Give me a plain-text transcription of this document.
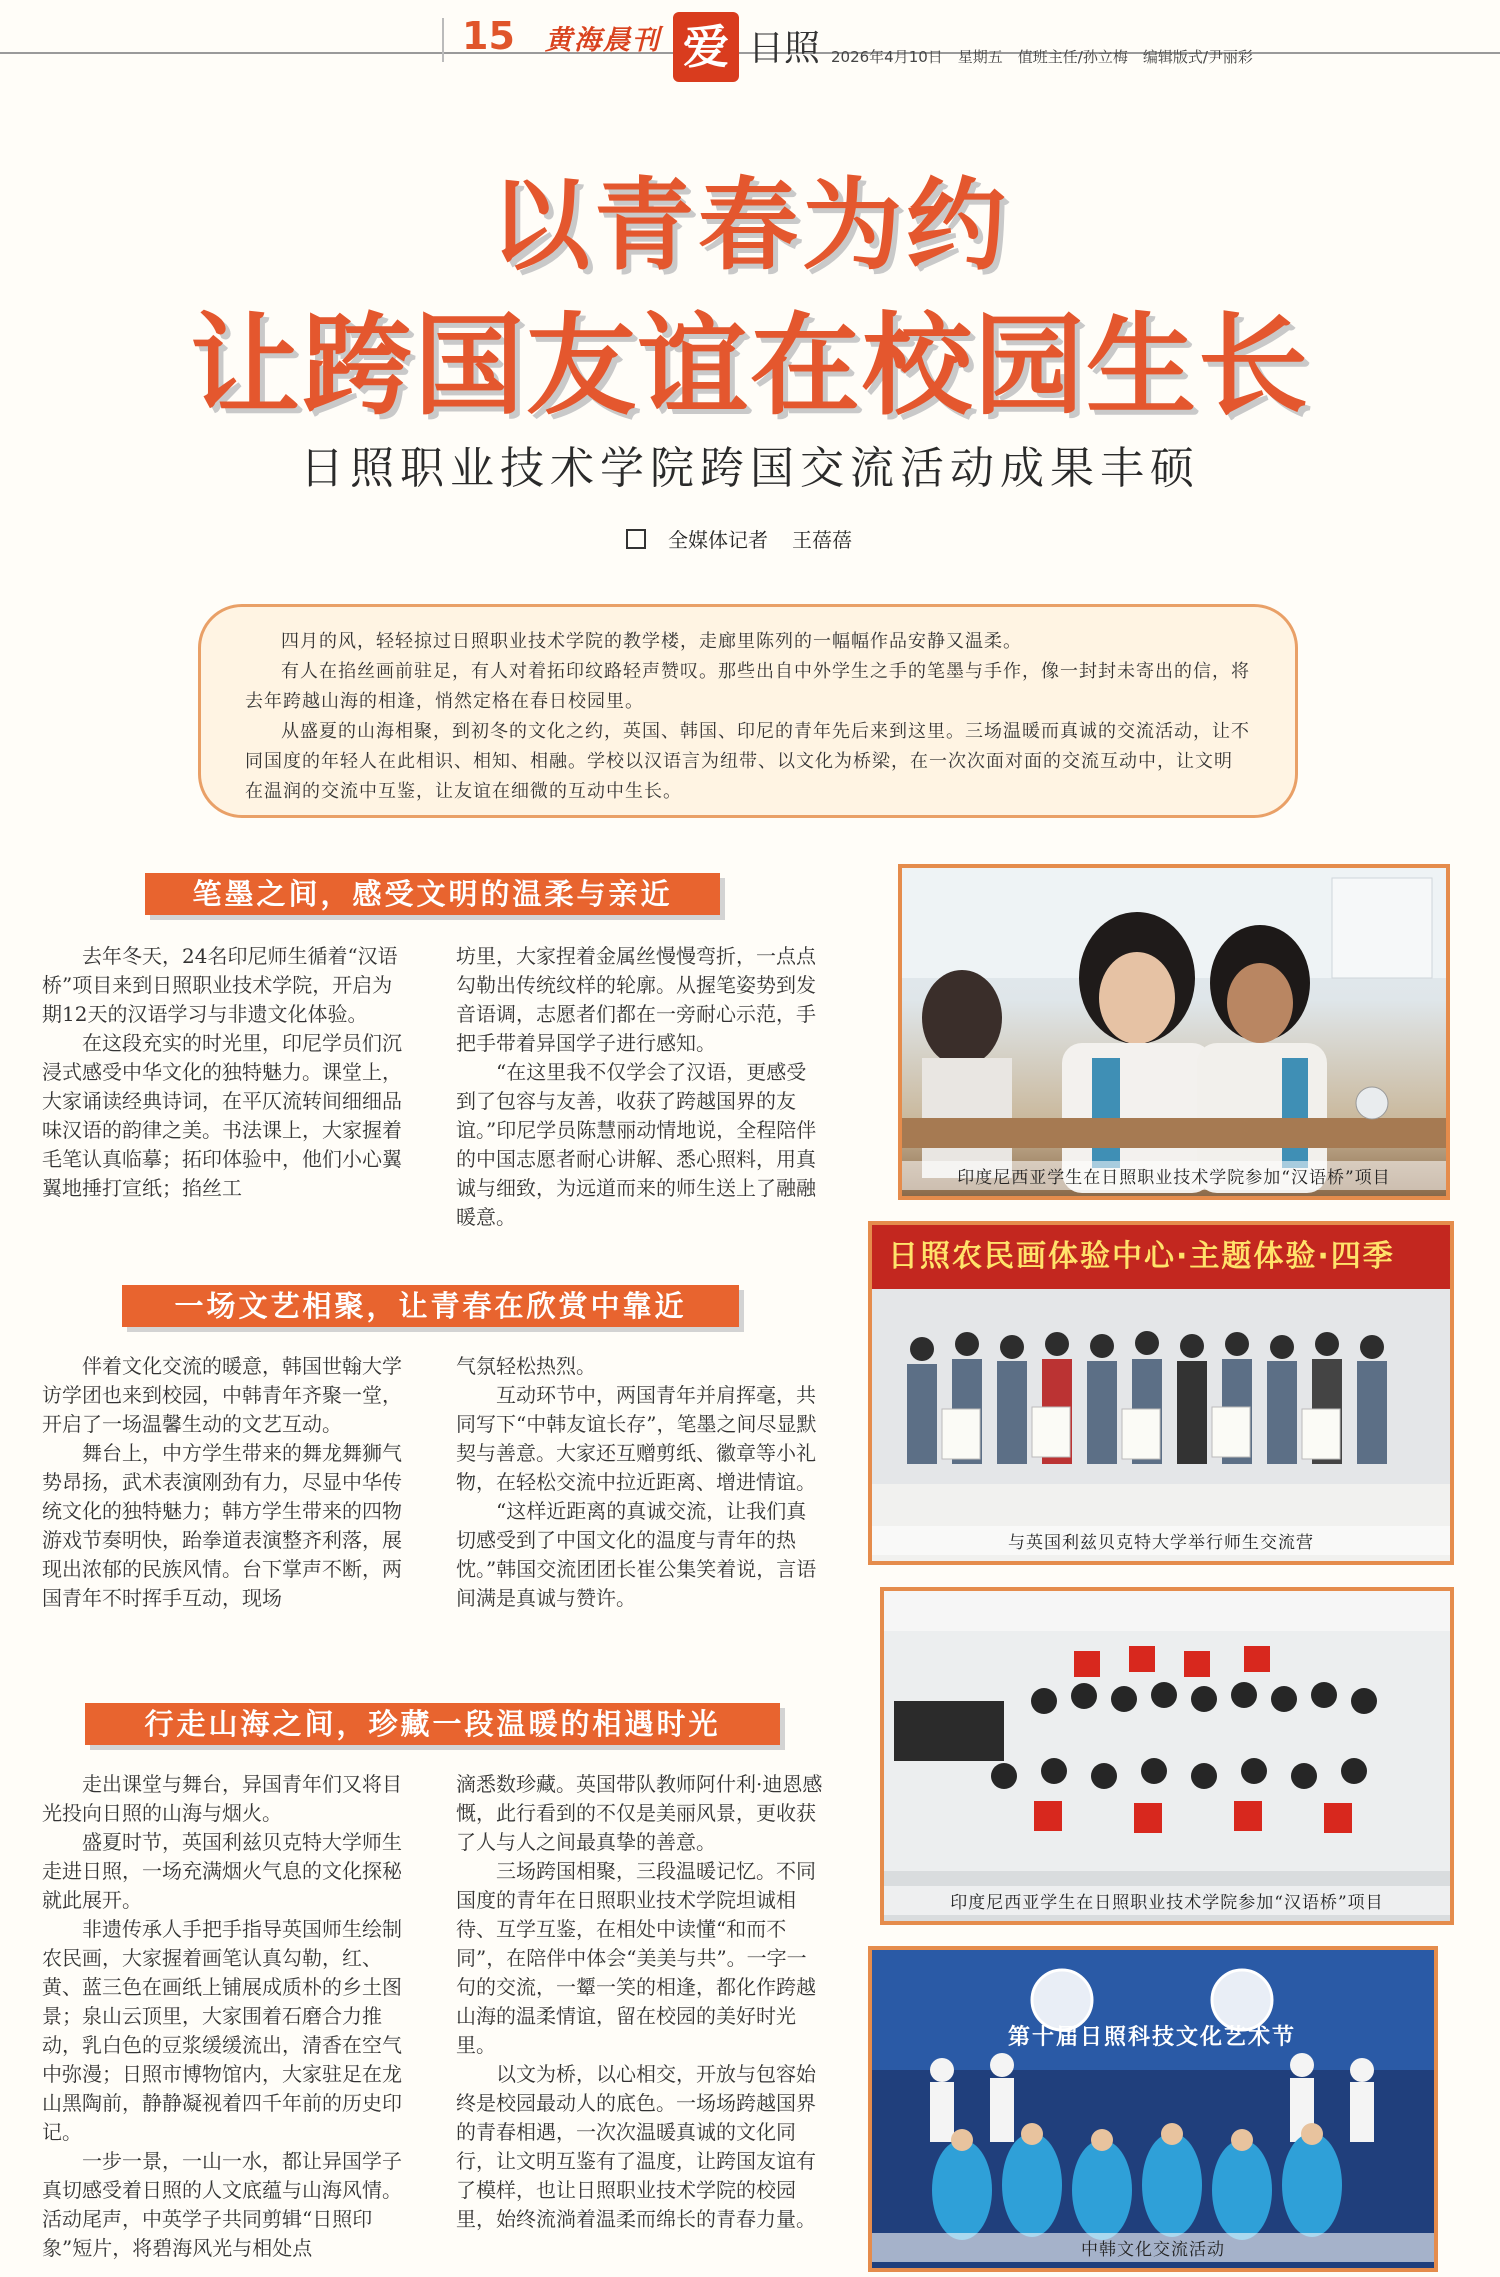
15 黄海晨刊 爱 日照 2026年4月10日　星期五　值班主任/孙立梅　编辑版式/尹丽彩
以青春为约
让跨国友谊在校园生长
日照职业技术学院跨国交流活动成果丰硕
全媒体记者 王蓓蓓

四月的风，轻轻掠过日照职业技术学院的教学楼，走廊里陈列的一幅幅作品安静又温柔。

有人在掐丝画前驻足，有人对着拓印纹路轻声赞叹。那些出自中外学生之手的笔墨与手作，像一封封未寄出的信，将去年跨越山海的相逢，悄然定格在春日校园里。

从盛夏的山海相聚，到初冬的文化之约，英国、韩国、印尼的青年先后来到这里。三场温暖而真诚的交流活动，让不同国度的年轻人在此相识、相知、相融。学校以汉语言为纽带、以文化为桥梁，在一次次面对面的交流互动中，让文明在温润的交流中互鉴，让友谊在细微的互动中生长。

笔墨之间，感受文明的温柔与亲近

去年冬天，24名印尼师生循着“汉语桥”项目来到日照职业技术学院，开启为期12天的汉语学习与非遗文化体验。

在这段充实的时光里，印尼学员们沉浸式感受中华文化的独特魅力。课堂上，大家诵读经典诗词，在平仄流转间细细品味汉语的韵律之美。书法课上，大家握着毛笔认真临摹；拓印体验中，他们小心翼翼地捶打宣纸；掐丝工

坊里，大家捏着金属丝慢慢弯折，一点点勾勒出传统纹样的轮廓。从握笔姿势到发音语调，志愿者们都在一旁耐心示范，手把手带着异国学子进行感知。

“在这里我不仅学会了汉语，更感受到了包容与友善，收获了跨越国界的友谊。”印尼学员陈慧丽动情地说，全程陪伴的中国志愿者耐心讲解、悉心照料，用真诚与细致，为远道而来的师生送上了融融暖意。

一场文艺相聚，让青春在欣赏中靠近

伴着文化交流的暖意，韩国世翰大学访学团也来到校园，中韩青年齐聚一堂，开启了一场温馨生动的文艺互动。

舞台上，中方学生带来的舞龙舞狮气势昂扬，武术表演刚劲有力，尽显中华传统文化的独特魅力；韩方学生带来的四物游戏节奏明快，跆拳道表演整齐利落，展现出浓郁的民族风情。台下掌声不断，两国青年不时挥手互动，现场

气氛轻松热烈。

互动环节中，两国青年并肩挥毫，共同写下“中韩友谊长存”，笔墨之间尽显默契与善意。大家还互赠剪纸、徽章等小礼物，在轻松交流中拉近距离、增进情谊。

“这样近距离的真诚交流，让我们真切感受到了中国文化的温度与青年的热忱。”韩国交流团团长崔公集笑着说，言语间满是真诚与赞许。

行走山海之间，珍藏一段温暖的相遇时光

走出课堂与舞台，异国青年们又将目光投向日照的山海与烟火。

盛夏时节，英国利兹贝克特大学师生走进日照，一场充满烟火气息的文化探秘就此展开。

非遗传承人手把手指导英国师生绘制农民画，大家握着画笔认真勾勒，红、黄、蓝三色在画纸上铺展成质朴的乡土图景；泉山云顶里，大家围着石磨合力推动，乳白色的豆浆缓缓流出，清香在空气中弥漫；日照市博物馆内，大家驻足在龙山黑陶前，静静凝视着四千年前的历史印记。

一步一景，一山一水，都让异国学子真切感受着日照的人文底蕴与山海风情。活动尾声，中英学子共同剪辑“日照印象”短片，将碧海风光与相处点

滴悉数珍藏。英国带队教师阿什利·迪恩感慨，此行看到的不仅是美丽风景，更收获了人与人之间最真挚的善意。

三场跨国相聚，三段温暖记忆。不同国度的青年在日照职业技术学院坦诚相待、互学互鉴，在相处中读懂“和而不同”，在陪伴中体会“美美与共”。一字一句的交流，一颦一笑的相逢，都化作跨越山海的温柔情谊，留在校园的美好时光里。

以文为桥，以心相交，开放与包容始终是校园最动人的底色。一场场跨越国界的青春相遇，一次次温暖真诚的文化同行，让文明互鉴有了温度，让跨国友谊有了模样，也让日照职业技术学院的校园里，始终流淌着温柔而绵长的青春力量。

印度尼西亚学生在日照职业技术学院参加“汉语桥”项目
日照农民画体验中心·主题体验·四季
与英国利兹贝克特大学举行师生交流营
印度尼西亚学生在日照职业技术学院参加“汉语桥”项目
第十届日照科技文化艺术节
中韩文化交流活动
